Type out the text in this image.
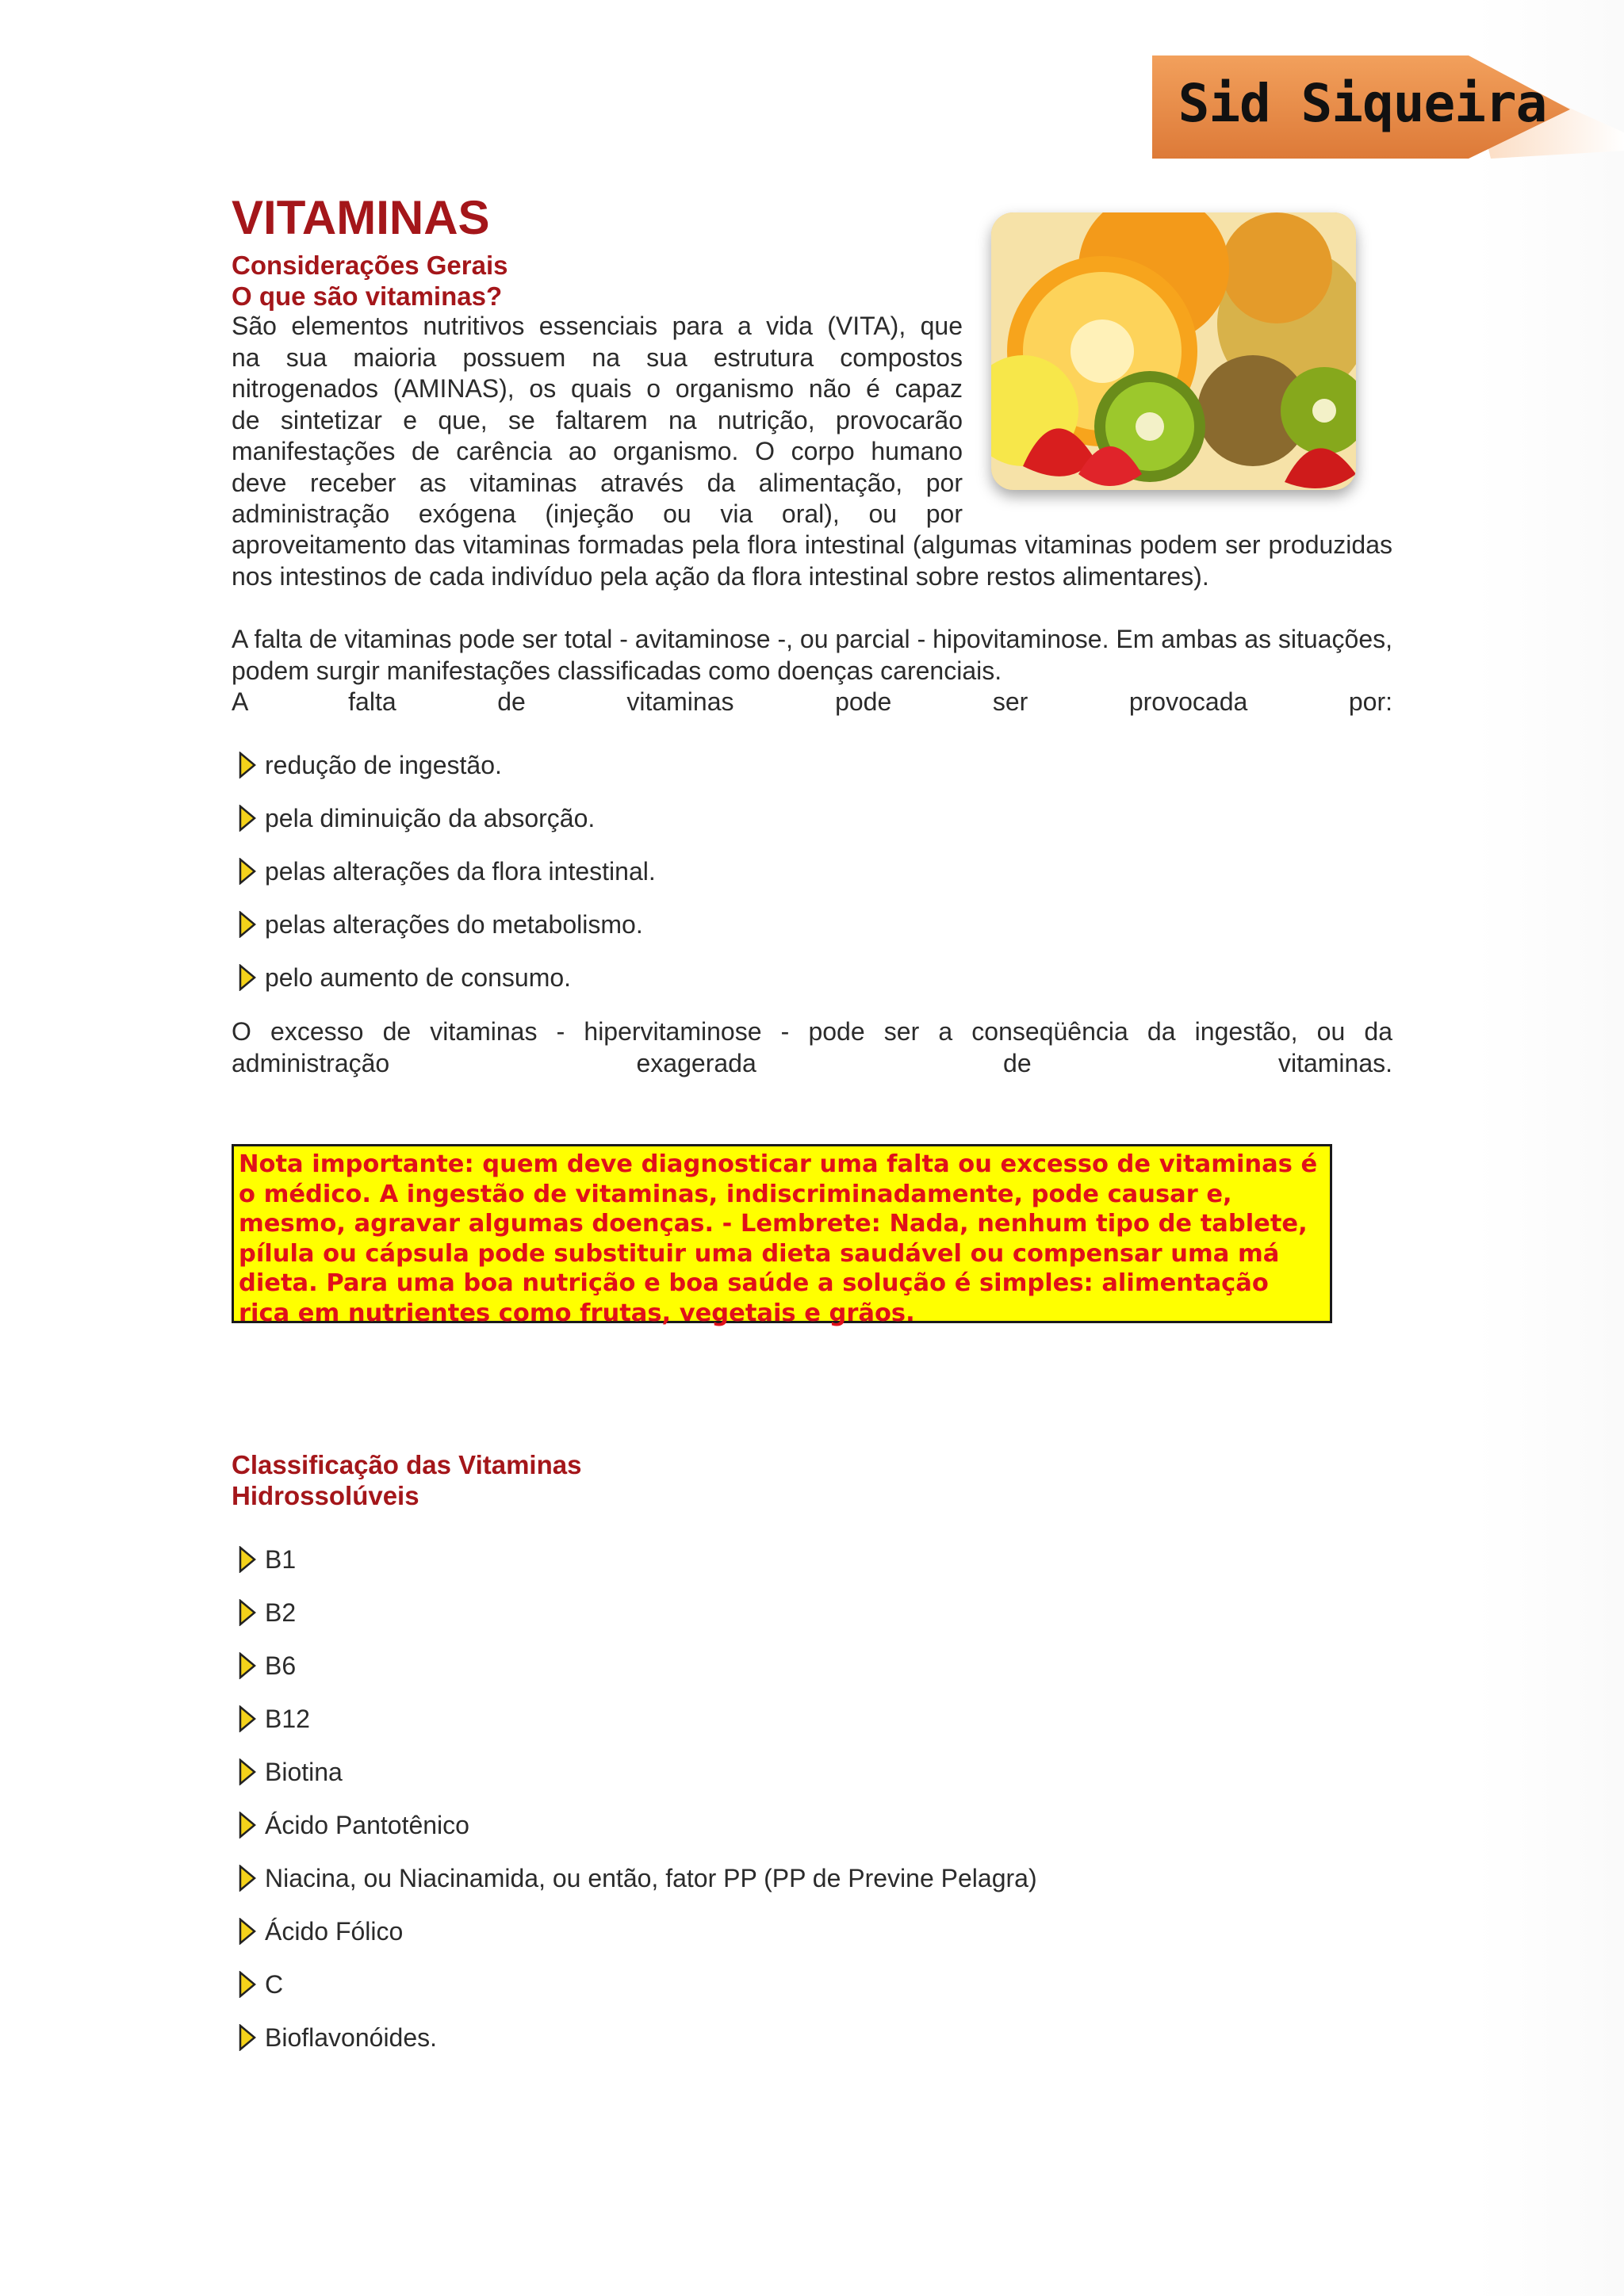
Sid Siqueira
VITAMINAS
Considerações Gerais
O que são vitaminas?
São elementos nutritivos essenciais para a vida (VITA), que
na sua maioria possuem na sua estrutura compostos
nitrogenados (AMINAS), os quais o organismo não é capaz
de sintetizar e que, se faltarem na nutrição, provocarão
manifestações de carência ao organismo. O corpo humano
deve receber as vitaminas através da alimentação, por
administração exógena (injeção ou via oral), ou por
aproveitamento das vitaminas formadas pela flora intestinal (algumas vitaminas podem ser produzidas nos intestinos de cada indivíduo pela ação da flora intestinal sobre restos alimentares).
A falta de vitaminas pode ser total - avitaminose -, ou parcial - hipovitaminose. Em ambas as situações, podem surgir manifestações classificadas como doenças carenciais.
A falta de vitaminas pode ser provocada por:
redução de ingestão.
pela diminuição da absorção.
pelas alterações da flora intestinal.
pelas alterações do metabolismo.
pelo aumento de consumo.
O excesso de vitaminas - hipervitaminose - pode ser a conseqüência da ingestão, ou da
administração exagerada de vitaminas.
Nota importante: quem deve diagnosticar uma falta ou excesso de vitaminas é o médico. A ingestão de vitaminas, indiscriminadamente, pode causar e, mesmo, agravar algumas doenças. - Lembrete: Nada, nenhum tipo de tablete, pílula ou cápsula pode substituir uma dieta saudável ou compensar uma má dieta. Para uma boa nutrição e boa saúde a solução é simples: alimentação rica em nutrientes como frutas, vegetais e grãos.
Classificação das Vitaminas
Hidrossolúveis
B1
B2
B6
B12
Biotina
Ácido Pantotênico
Niacina, ou Niacinamida, ou então, fator PP (PP de Previne Pelagra)
Ácido Fólico
C
Bioflavonóides.
